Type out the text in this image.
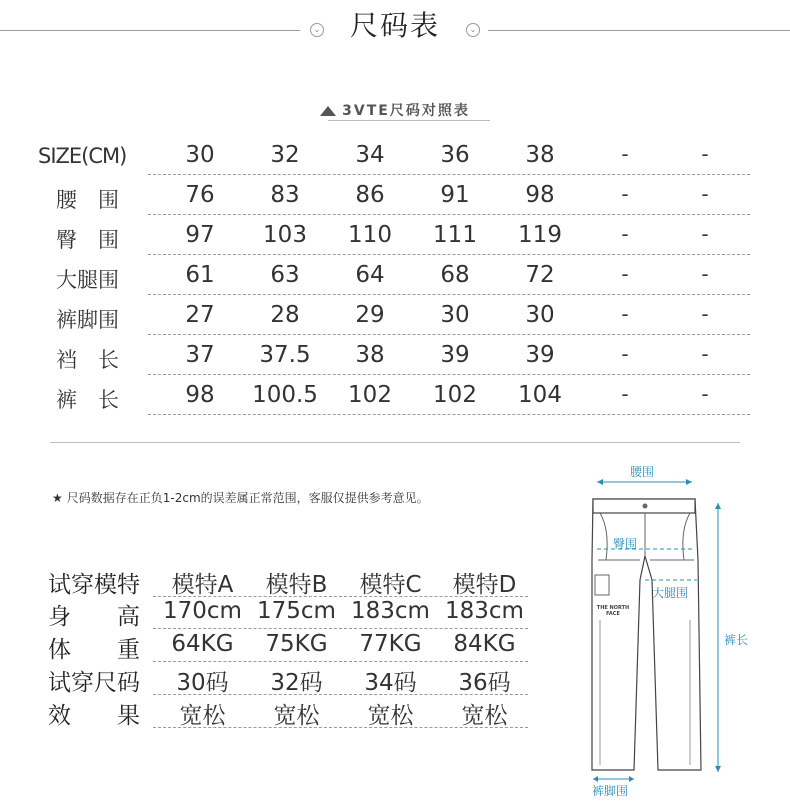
⌄	尺码表	⌄
3VTE尺码对照表
SIZE(CM)	30	32	34	36	38	-	-
腰　围	76	83	86	91	98	-	-
臀　围	97	103	110	111	119	-	-
大腿围	61	63	64	68	72	-	-
裤脚围	27	28	29	30	30	-	-
裆　长	37	37.5	38	39	39	-	-
裤　长	98	100.5	102	102	104	-	-
★ 尺码数据存在正负1-2cm的误差属正常范围，客服仅提供参考意见。
试穿模特	模特A	模特B	模特C	模特D
身　　高	170cm 175cm 183cm 183cm
体　　重	64KG	75KG	77KG	84KG
试穿尺码	30码	32码	34码	36码
效　　果	宽松	宽松	宽松	宽松
腰围
臀围
大腿围
裤长
裤脚围
THE NORTH FACE
